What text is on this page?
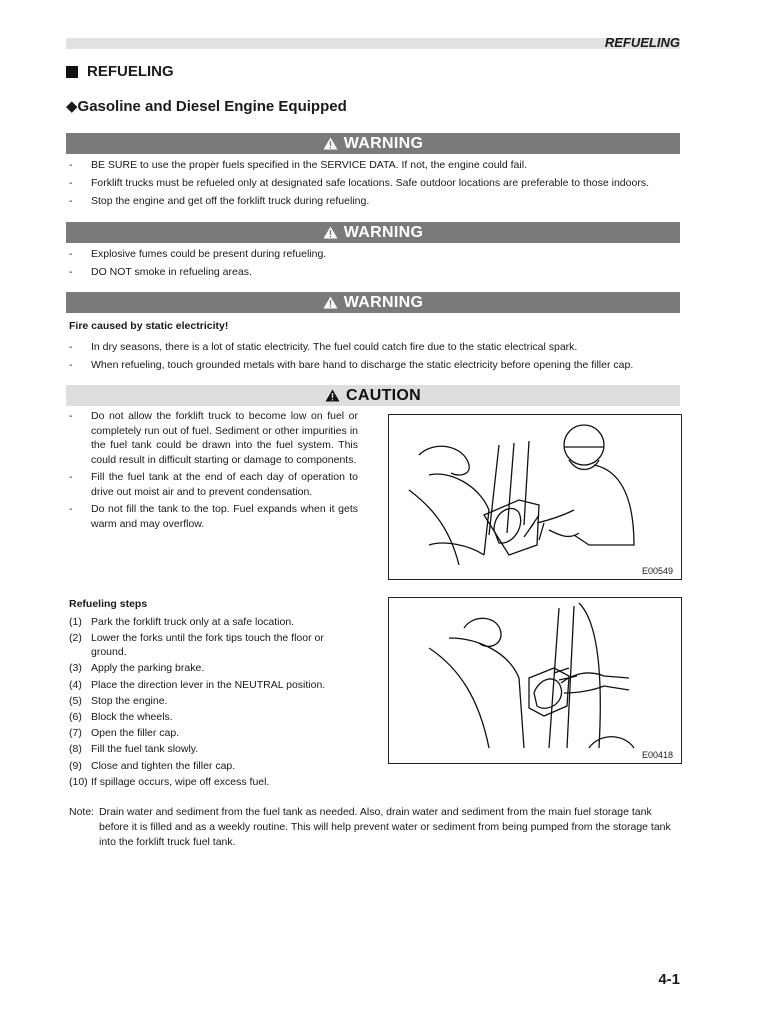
REFUELING
REFUELING
◆Gasoline and Diesel Engine Equipped
WARNING
- BE SURE to use the proper fuels specified in the SERVICE DATA. If not, the engine could fail.
- Forklift trucks must be refueled only at designated safe locations. Safe outdoor locations are preferable to those indoors.
- Stop the engine and get off the forklift truck during refueling.
WARNING
- Explosive fumes could be present during refueling.
- DO NOT smoke in refueling areas.
WARNING
Fire caused by static electricity!
- In dry seasons, there is a lot of static electricity. The fuel could catch fire due to the static electrical spark.
- When refueling, touch grounded metals with bare hand to discharge the static electricity before opening the filler cap.
CAUTION
- Do not allow the forklift truck to become low on fuel or completely run out of fuel. Sediment or other impurities in the fuel tank could be drawn into the fuel system. This could result in difficult starting or damage to components.
- Fill the fuel tank at the end of each day of operation to drive out moist air and to prevent condensation.
- Do not fill the tank to the top. Fuel expands when it gets warm and may overflow.
E00549
Refueling steps
(1) Park the forklift truck only at a safe location.
(2) Lower the forks until the fork tips touch the floor or ground.
(3) Apply the parking brake.
(4) Place the direction lever in the NEUTRAL position.
(5) Stop the engine.
(6) Block the wheels.
(7) Open the filler cap.
(8) Fill the fuel tank slowly.
(9) Close and tighten the filler cap.
(10) If spillage occurs, wipe off excess fuel.
E00418
Note: Drain water and sediment from the fuel tank as needed. Also, drain water and sediment from the main fuel storage tank before it is filled and as a weekly routine. This will help prevent water or sediment from being pumped from the storage tank into the forklift truck fuel tank.
4-1
